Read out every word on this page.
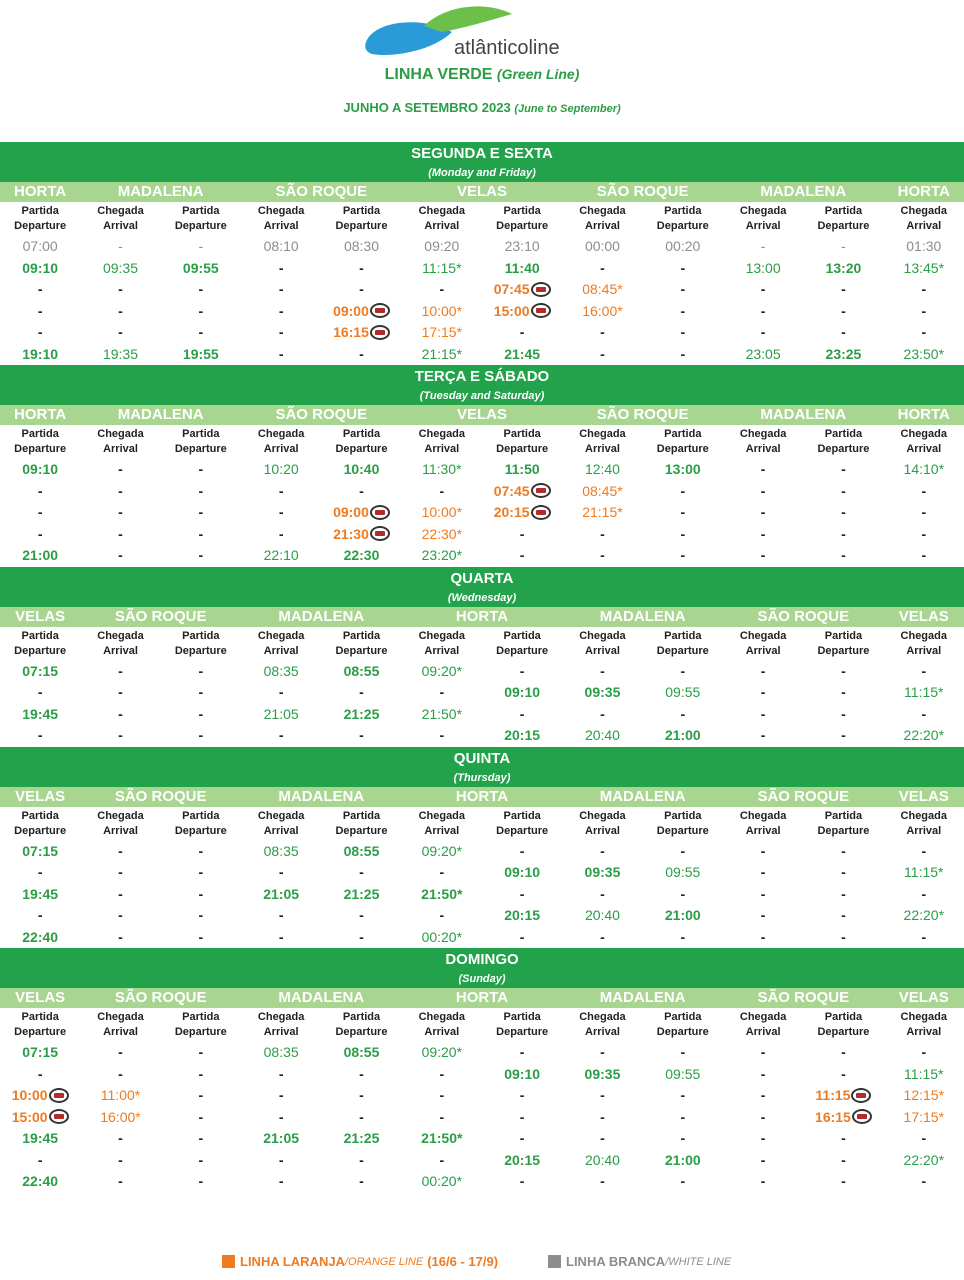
atlânticoline
LINHA VERDE (Green Line)
JUNHO A SETEMBRO 2023 (June to September)
SEGUNDA E SEXTA
(Monday and Friday)
HORTA	MADALENA	SÃO ROQUE	VELAS	SÃO ROQUE	MADALENA	HORTA
Partida
Departure
Chegada
Arrival
Partida
Departure
Chegada
Arrival
Partida
Departure
Chegada
Arrival
Partida
Departure
Chegada
Arrival
Partida
Departure
Chegada
Arrival
Partida
Departure
Chegada
Arrival
07:00	-	-	08:10	08:30	09:20	23:10	00:00	00:20	-	-	01:30
09:10	09:35	09:55	-	-	11:15*	11:40	-	-	13:00	13:20	13:45*
-	-	-	-	-	-	07:45	08:45*	-	-	-	-
-	-	-	-	09:00	10:00*	15:00	16:00*	-	-	-	-
-	-	-	-	16:15	17:15*	-	-	-	-	-	-
19:10	19:35	19:55	-	-	21:15*	21:45	-	-	23:05	23:25	23:50*
TERÇA E SÁBADO
(Tuesday and Saturday)
HORTA	MADALENA	SÃO ROQUE	VELAS	SÃO ROQUE	MADALENA	HORTA
Partida
Departure
Chegada
Arrival
Partida
Departure
Chegada
Arrival
Partida
Departure
Chegada
Arrival
Partida
Departure
Chegada
Arrival
Partida
Departure
Chegada
Arrival
Partida
Departure
Chegada
Arrival
09:10	-	-	10:20	10:40	11:30*	11:50	12:40	13:00	-	-	14:10*
-	-	-	-	-	-	07:45	08:45*	-	-	-	-
-	-	-	-	09:00	10:00*	20:15	21:15*	-	-	-	-
-	-	-	-	21:30	22:30*	-	-	-	-	-	-
21:00	-	-	22:10	22:30	23:20*	-	-	-	-	-	-
QUARTA
(Wednesday)
VELAS	SÃO ROQUE	MADALENA	HORTA	MADALENA	SÃO ROQUE	VELAS
Partida
Departure
Chegada
Arrival
Partida
Departure
Chegada
Arrival
Partida
Departure
Chegada
Arrival
Partida
Departure
Chegada
Arrival
Partida
Departure
Chegada
Arrival
Partida
Departure
Chegada
Arrival
07:15	-	-	08:35	08:55	09:20*	-	-	-	-	-	-
-	-	-	-	-	-	09:10	09:35	09:55	-	-	11:15*
19:45	-	-	21:05	21:25	21:50*	-	-	-	-	-	-
-	-	-	-	-	-	20:15	20:40	21:00	-	-	22:20*
QUINTA
(Thursday)
VELAS	SÃO ROQUE	MADALENA	HORTA	MADALENA	SÃO ROQUE	VELAS
Partida
Departure
Chegada
Arrival
Partida
Departure
Chegada
Arrival
Partida
Departure
Chegada
Arrival
Partida
Departure
Chegada
Arrival
Partida
Departure
Chegada
Arrival
Partida
Departure
Chegada
Arrival
07:15	-	-	08:35	08:55	09:20*	-	-	-	-	-	-
-	-	-	-	-	-	09:10	09:35	09:55	-	-	11:15*
19:45	-	-	21:05	21:25	21:50*	-	-	-	-	-	-
-	-	-	-	-	-	20:15	20:40	21:00	-	-	22:20*
22:40	-	-	-	-	00:20*	-	-	-	-	-	-
DOMINGO
(Sunday)
VELAS	SÃO ROQUE	MADALENA	HORTA	MADALENA	SÃO ROQUE	VELAS
Partida
Departure
Chegada
Arrival
Partida
Departure
Chegada
Arrival
Partida
Departure
Chegada
Arrival
Partida
Departure
Chegada
Arrival
Partida
Departure
Chegada
Arrival
Partida
Departure
Chegada
Arrival
07:15	-	-	08:35	08:55	09:20*	-	-	-	-	-	-
-	-	-	-	-	-	09:10	09:35	09:55	-	-	11:15*
10:00	11:00*	-	-	-	-	-	-	-	-	11:15	12:15*
15:00	16:00*	-	-	-	-	-	-	-	-	16:15	17:15*
19:45	-	-	21:05	21:25	21:50*	-	-	-	-	-	-
-	-	-	-	-	-	20:15	20:40	21:00	-	-	22:20*
22:40	-	-	-	-	00:20*	-	-	-	-	-	-
LINHA LARANJA /ORANGE LINE (16/6 - 17/9)	LINHA BRANCA /WHITE LINE
